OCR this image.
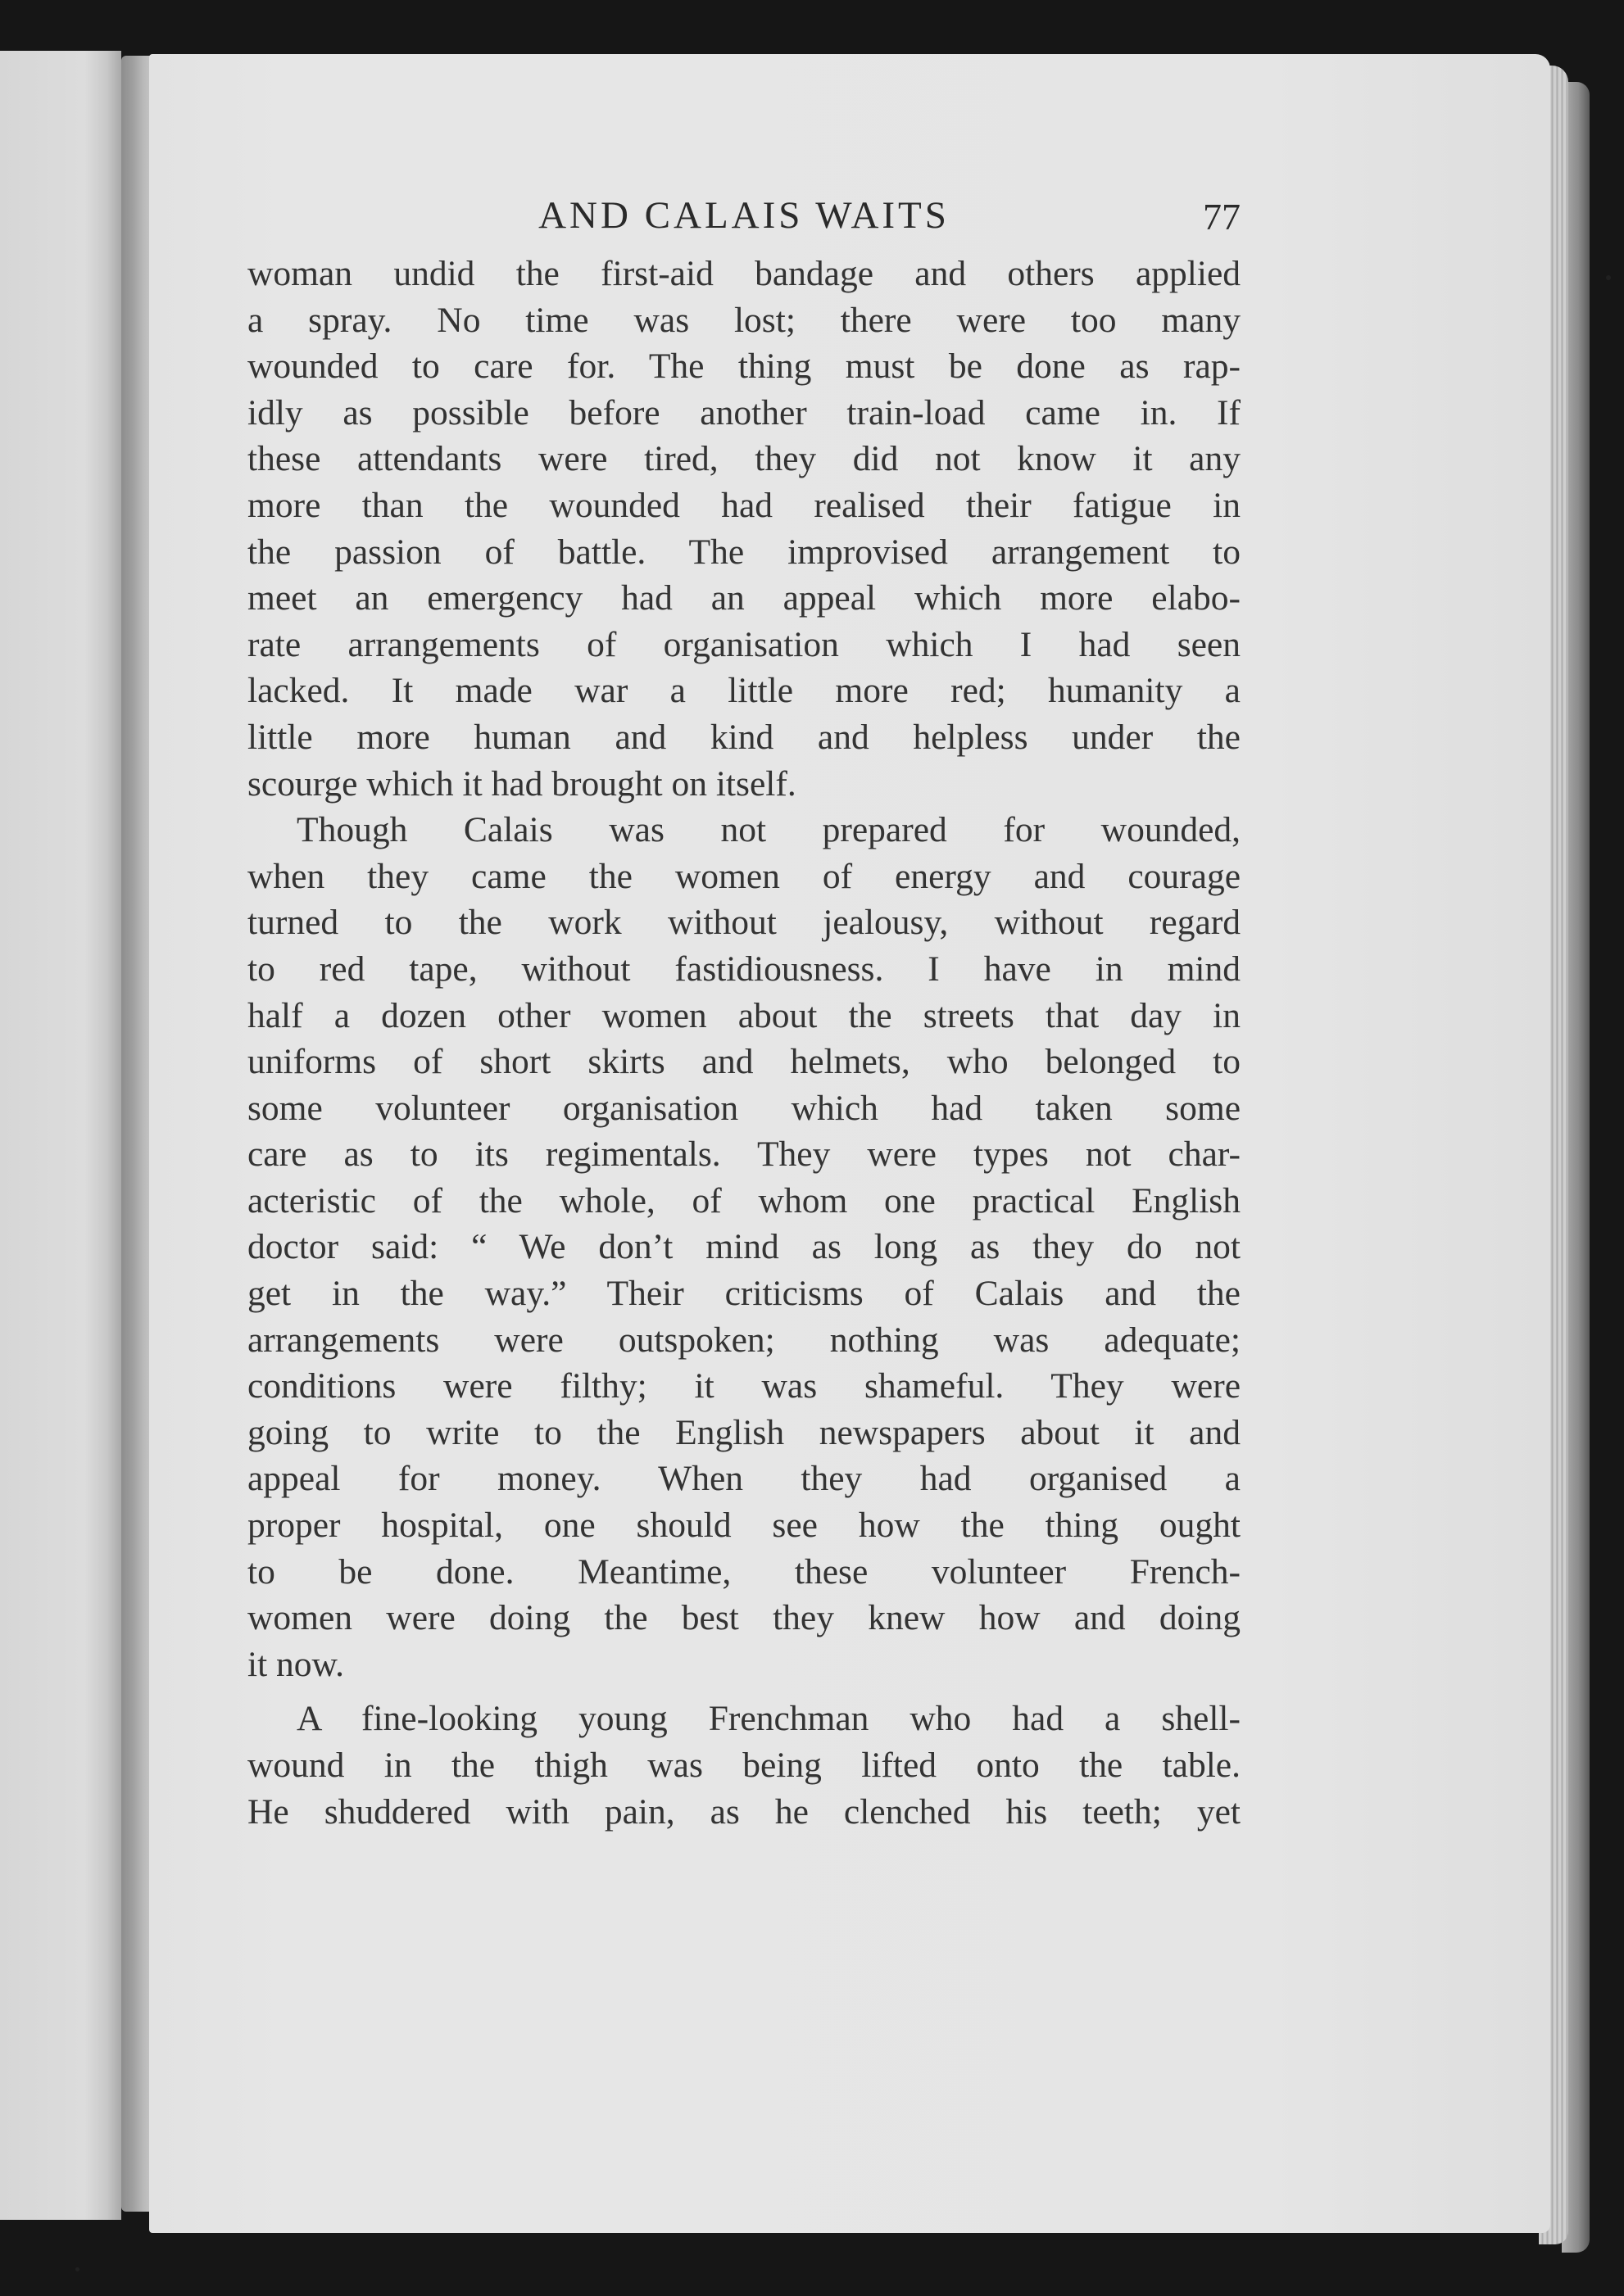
AND CALAIS WAITS	77
woman undid the first-aid bandage and others applied
a spray. No time was lost; there were too many
wounded to care for. The thing must be done as rap-
idly as possible before another train-load came in. If
these attendants were tired, they did not know it any
more than the wounded had realised their fatigue in
the passion of battle. The improvised arrangement to
meet an emergency had an appeal which more elabo-
rate arrangements of organisation which I had seen
lacked. It made war a little more red; humanity a
little more human and kind and helpless under the
scourge which it had brought on itself.
Though Calais was not prepared for wounded,
when they came the women of energy and courage
turned to the work without jealousy, without regard
to red tape, without fastidiousness. I have in mind
half a dozen other women about the streets that day in
uniforms of short skirts and helmets, who belonged to
some volunteer organisation which had taken some
care as to its regimentals. They were types not char-
acteristic of the whole, of whom one practical English
doctor said: “ We don’t mind as long as they do not
get in the way.” Their criticisms of Calais and the
arrangements were outspoken; nothing was adequate;
conditions were filthy; it was shameful. They were
going to write to the English newspapers about it and
appeal for money. When they had organised a
proper hospital, one should see how the thing ought
to be done. Meantime, these volunteer French-
women were doing the best they knew how and doing
it now.
A fine-looking young Frenchman who had a shell-
wound in the thigh was being lifted onto the table.
He shuddered with pain, as he clenched his teeth; yet
